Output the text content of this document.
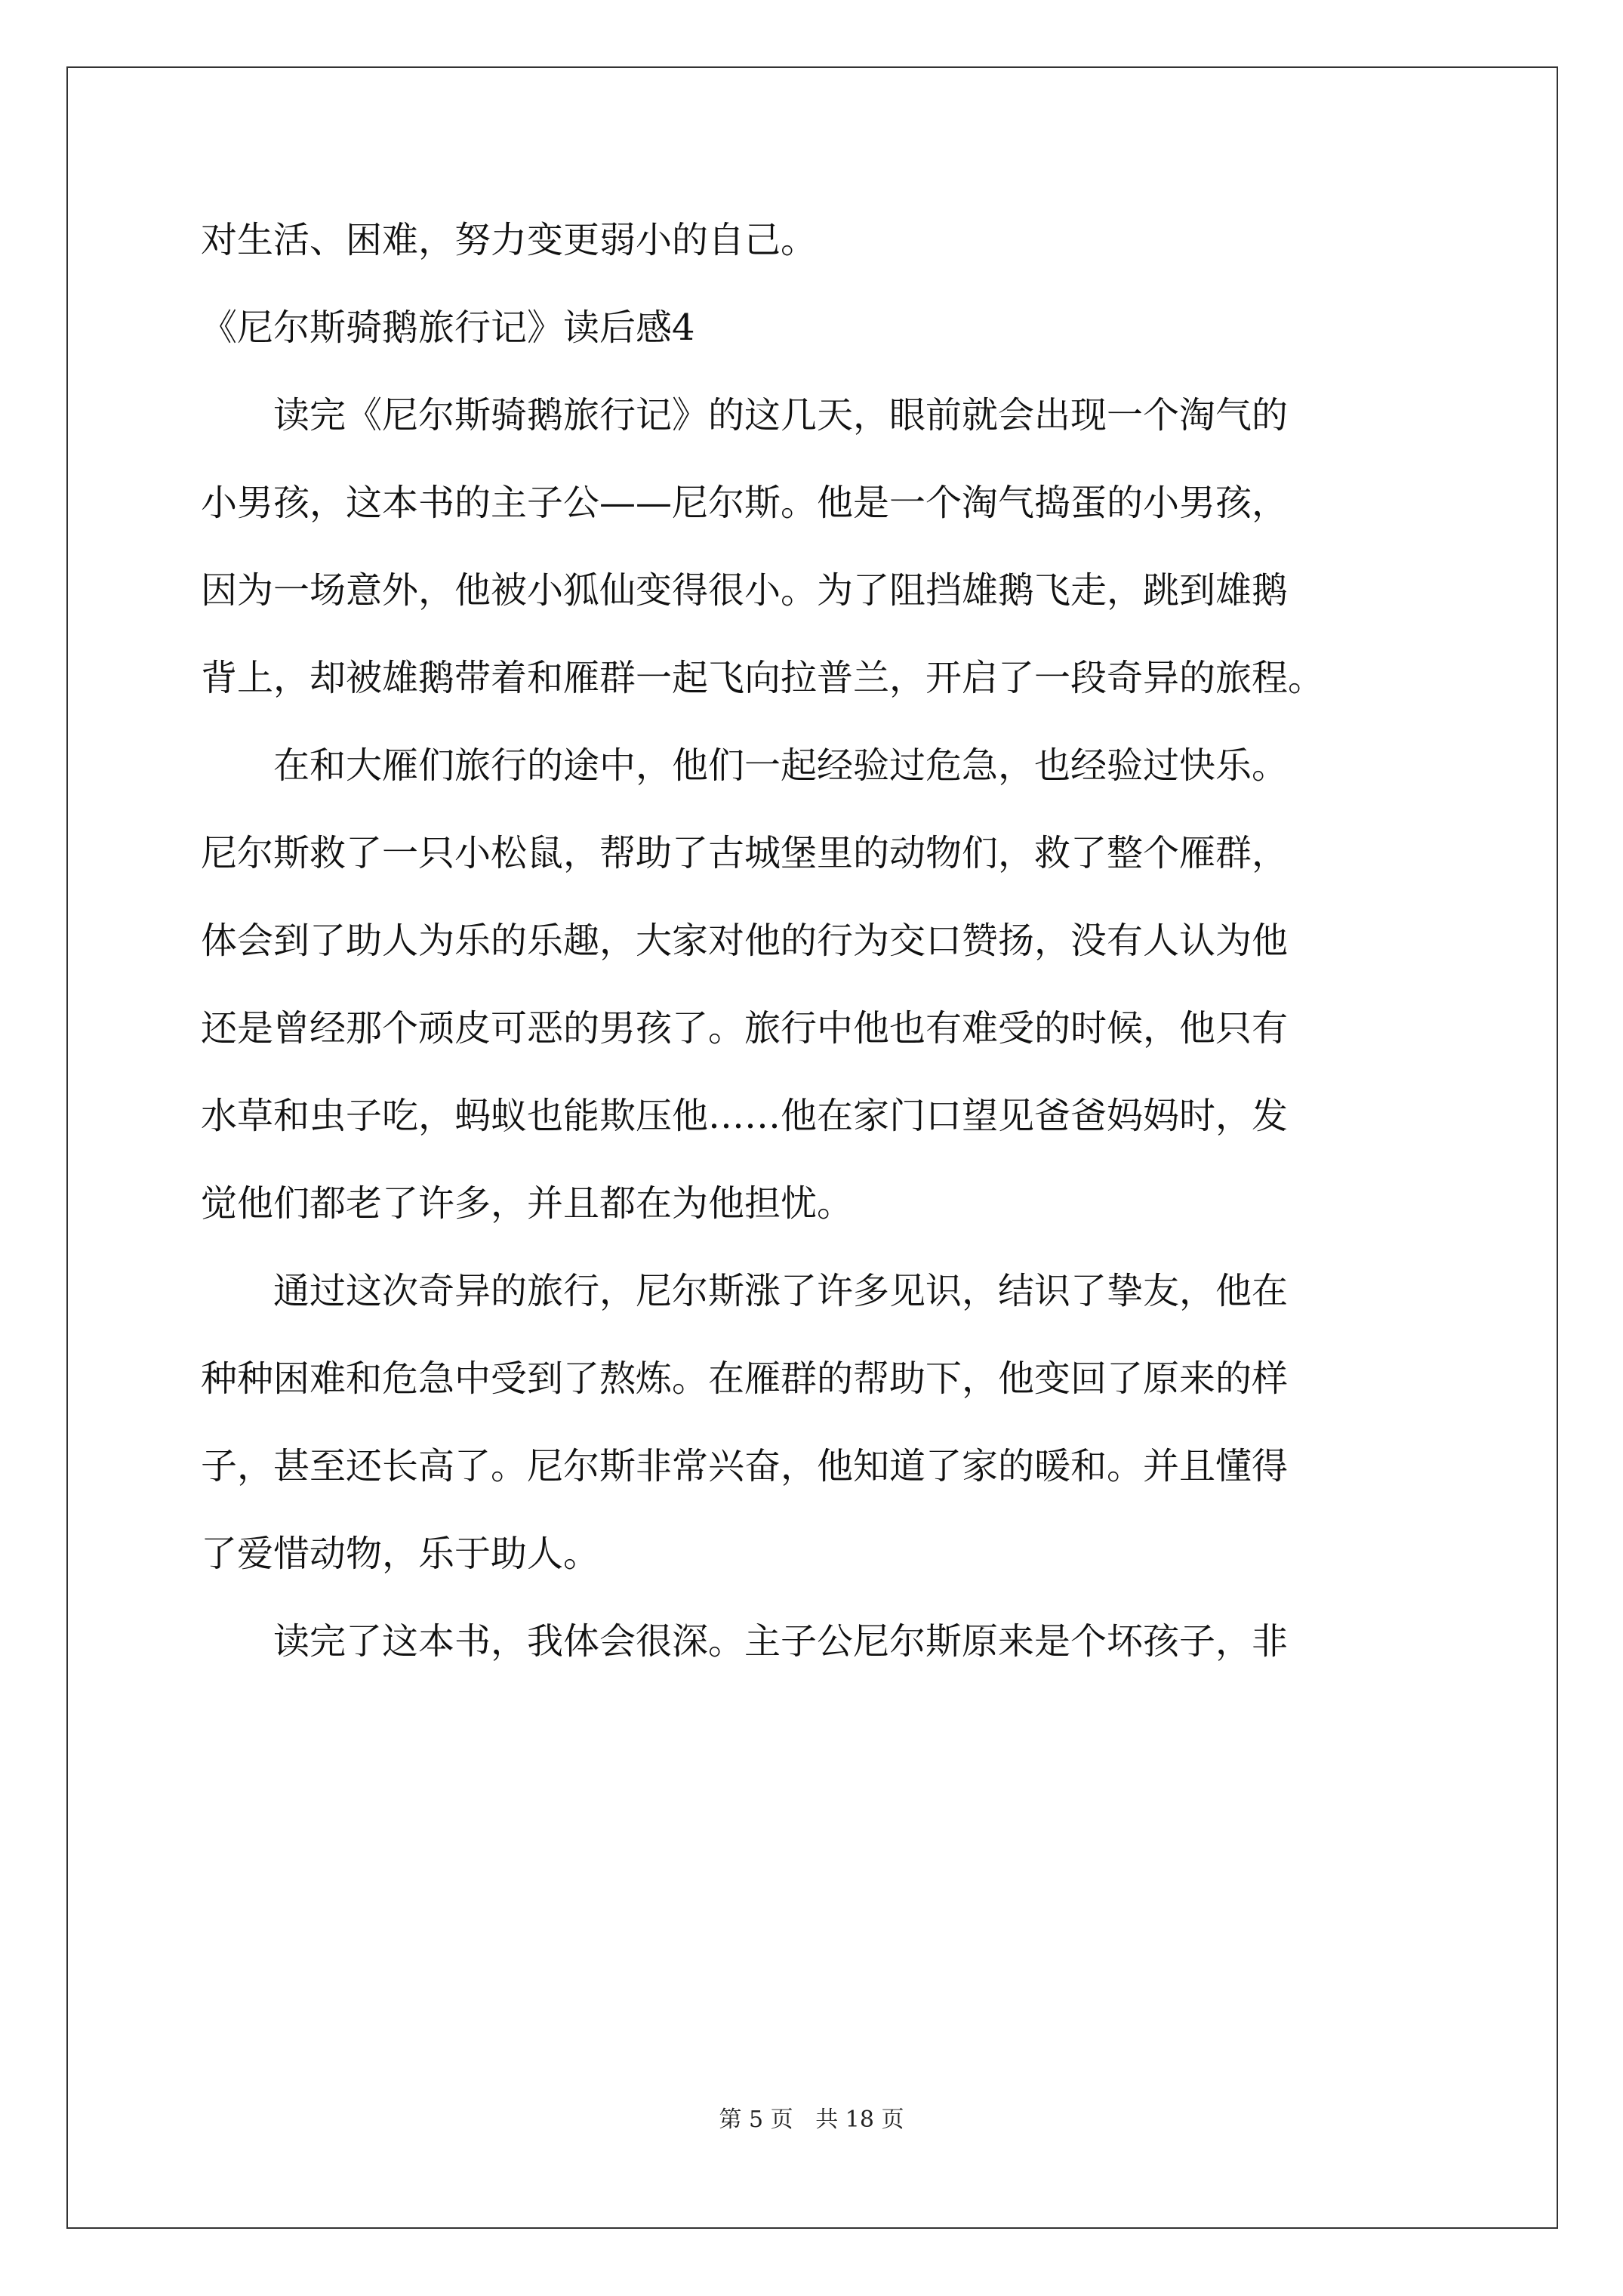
对生活、困难，努力变更弱小的自己。
《尼尔斯骑鹅旅行记》读后感4
　　读完《尼尔斯骑鹅旅行记》的这几天，眼前就会出现一个淘气的
小男孩，这本书的主子公——尼尔斯。他是一个淘气捣蛋的小男孩，
因为一场意外，他被小狐仙变得很小。为了阻挡雄鹅飞走，跳到雄鹅
背上，却被雄鹅带着和雁群一起飞向拉普兰，开启了一段奇异的旅程。
　　在和大雁们旅行的途中，他们一起经验过危急，也经验过快乐。
尼尔斯救了一只小松鼠，帮助了古城堡里的动物们，救了整个雁群，
体会到了助人为乐的乐趣，大家对他的行为交口赞扬，没有人认为他
还是曾经那个顽皮可恶的男孩了。旅行中他也有难受的时候，他只有
水草和虫子吃，蚂蚁也能欺压他……他在家门口望见爸爸妈妈时，发
觉他们都老了许多，并且都在为他担忧。
　　通过这次奇异的旅行，尼尔斯涨了许多见识，结识了挚友，他在
种种困难和危急中受到了熬炼。在雁群的帮助下，他变回了原来的样
子，甚至还长高了。尼尔斯非常兴奋，他知道了家的暖和。并且懂得
了爱惜动物，乐于助人。
　　读完了这本书，我体会很深。主子公尼尔斯原来是个坏孩子，非
第 5 页 共 18 页
